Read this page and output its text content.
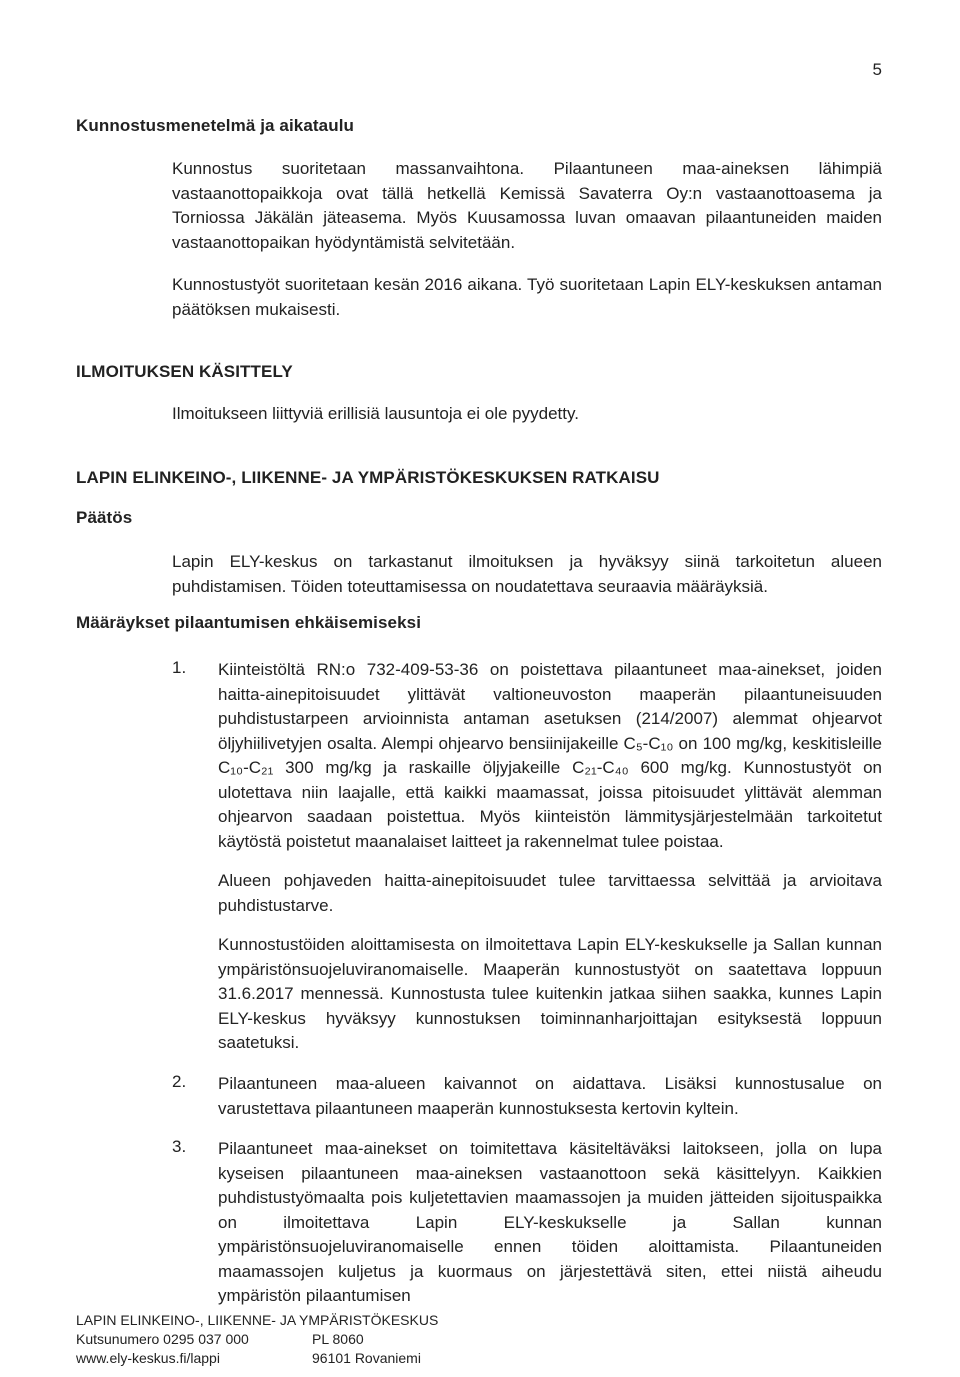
5
Kunnostusmenetelmä ja aikataulu
Kunnostus suoritetaan massanvaihtona. Pilaantuneen maa-aineksen lähimpiä vastaanottopaikkoja ovat tällä hetkellä Kemissä Savaterra Oy:n vastaanottoasema ja Torniossa Jäkälän jäteasema. Myös Kuusamossa luvan omaavan pilaantuneiden maiden vastaanottopaikan hyödyntämistä selvitetään.
Kunnostustyöt suoritetaan kesän 2016 aikana. Työ suoritetaan Lapin ELY-keskuksen antaman päätöksen mukaisesti.
ILMOITUKSEN KÄSITTELY
Ilmoitukseen liittyviä erillisiä lausuntoja ei ole pyydetty.
LAPIN ELINKEINO-, LIIKENNE- JA YMPÄRISTÖKESKUKSEN RATKAISU
Päätös
Lapin ELY-keskus on tarkastanut ilmoituksen ja hyväksyy siinä tarkoitetun alueen puhdistamisen. Töiden toteuttamisessa on noudatettava seuraavia määräyksiä.
Määräykset pilaantumisen ehkäisemiseksi
1. Kiinteistöltä RN:o 732-409-53-36 on poistettava pilaantuneet maa-ainekset, joiden haitta-ainepitoisuudet ylittävät valtioneuvoston maaperän pilaantuneisuuden puhdistustarpeen arvioinnista antaman asetuksen (214/2007) alemmat ohjearvot öljyhiilivetyjen osalta. Alempi ohjearvo bensiinijakeille C₅-C₁₀ on 100 mg/kg, keskitisleille C₁₀-C₂₁ 300 mg/kg ja raskaille öljyjakeille C₂₁-C₄₀ 600 mg/kg. Kunnostustyöt on ulotettava niin laajalle, että kaikki maamassat, joissa pitoisuudet ylittävät alemman ohjearvon saadaan poistettua. Myös kiinteistön lämmitysjärjestelmään tarkoitetut käytöstä poistetut maanalaiset laitteet ja rakennelmat tulee poistaa.
Alueen pohjaveden haitta-ainepitoisuudet tulee tarvittaessa selvittää ja arvioitava puhdistustarve.
Kunnostustöiden aloittamisesta on ilmoitettava Lapin ELY-keskukselle ja Sallan kunnan ympäristönsuojeluviranomaiselle. Maaperän kunnostustyöt on saatettava loppuun 31.6.2017 mennessä. Kunnostusta tulee kuitenkin jatkaa siihen saakka, kunnes Lapin ELY-keskus hyväksyy kunnostuksen toiminnanharjoittajan esityksestä loppuun saatetuksi.
2. Pilaantuneen maa-alueen kaivannot on aidattava. Lisäksi kunnostusalue on varustettava pilaantuneen maaperän kunnostuksesta kertovin kyltein.
3. Pilaantuneet maa-ainekset on toimitettava käsiteltäväksi laitokseen, jolla on lupa kyseisen pilaantuneen maa-aineksen vastaanottoon sekä käsittelyyn. Kaikkien puhdistustyömaalta pois kuljetettavien maamassojen ja muiden jätteiden sijoituspaikka on ilmoitettava Lapin ELY-keskukselle ja Sallan kunnan ympäristönsuojeluviranomaiselle ennen töiden aloittamista. Pilaantuneiden maamassojen kuljetus ja kuormaus on järjestettävä siten, ettei niistä aiheudu ympäristön pilaantumisen
LAPIN ELINKEINO-, LIIKENNE- JA YMPÄRISTÖKESKUS
Kutsunumero 0295 037 000	PL 8060
www.ely-keskus.fi/lappi	96101 Rovaniemi
